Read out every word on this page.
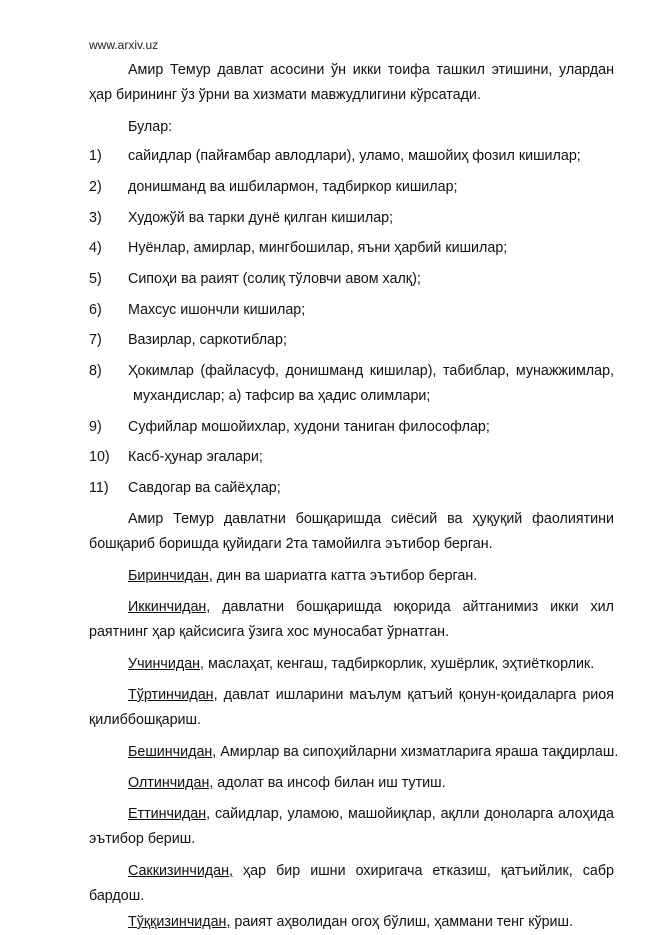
www.arxiv.uz
Амир Темур давлат асосини ўн икки тоифа ташкил этишини, улардан
ҳар бирининг ўз ўрни ва хизмати мавжудлигини кўрсатади.
Булар:
1) сайидлар (пайғамбар авлодлари), уламо, машойиҳ фозил кишилар;
2) донишманд ва ишбилармон, тадбиркор кишилар;
3) Художўй ва тарки дунё қилган кишилар;
4) Нуёнлар, амирлар, мингбошилар, яъни ҳарбий кишилар;
5) Сипоҳи ва раият (солиқ тўловчи авом халқ);
6) Махсус ишончли кишилар;
7) Вазирлар, саркотиблар;
8) Ҳокимлар (файласуф, донишманд кишилар), табиблар, мунажжимлар,
мухандислар; а) тафсир ва ҳадис олимлари;
9) Суфийлар мошойихлар, худони таниган философлар;
10) Касб-ҳунар эгалари;
11) Савдогар ва сайёҳлар;
Амир Темур давлатни бошқаришда сиёсий ва ҳуқуқий фаолиятини
бошқариб боришда қуйидаги 2та тамойилга эътибор берган.
Биринчидан, дин ва шариатга катта эътибор берган.
Иккинчидан, давлатни бошқаришда юқорида айтганимиз икки хил
раятнинг ҳар қайсисига ўзига хос муносабат ўрнатган.
Учинчидан, маслаҳат, кенгаш, тадбиркорлик, хушёрлик, эҳтиёткорлик.
Тўртинчидан, давлат ишларини маълум қатъий қонун-қоидаларга риоя
қилиббошқариш.
Бешинчидан, Амирлар ва сипоҳийларни хизматларига яраша тақдирлаш.
Олтинчидан, адолат ва инсоф билан иш тутиш.
Еттинчидан, сайидлар, уламою, машойиқлар, ақлли доноларга алоҳида
эътибор бериш.
Саккизинчидан, ҳар бир ишни охиригача етказиш, қатъийлик, сабр
бардош.
Тўққизинчидан, раият аҳволидан огоҳ бўлиш, ҳаммани тенг кўриш.
